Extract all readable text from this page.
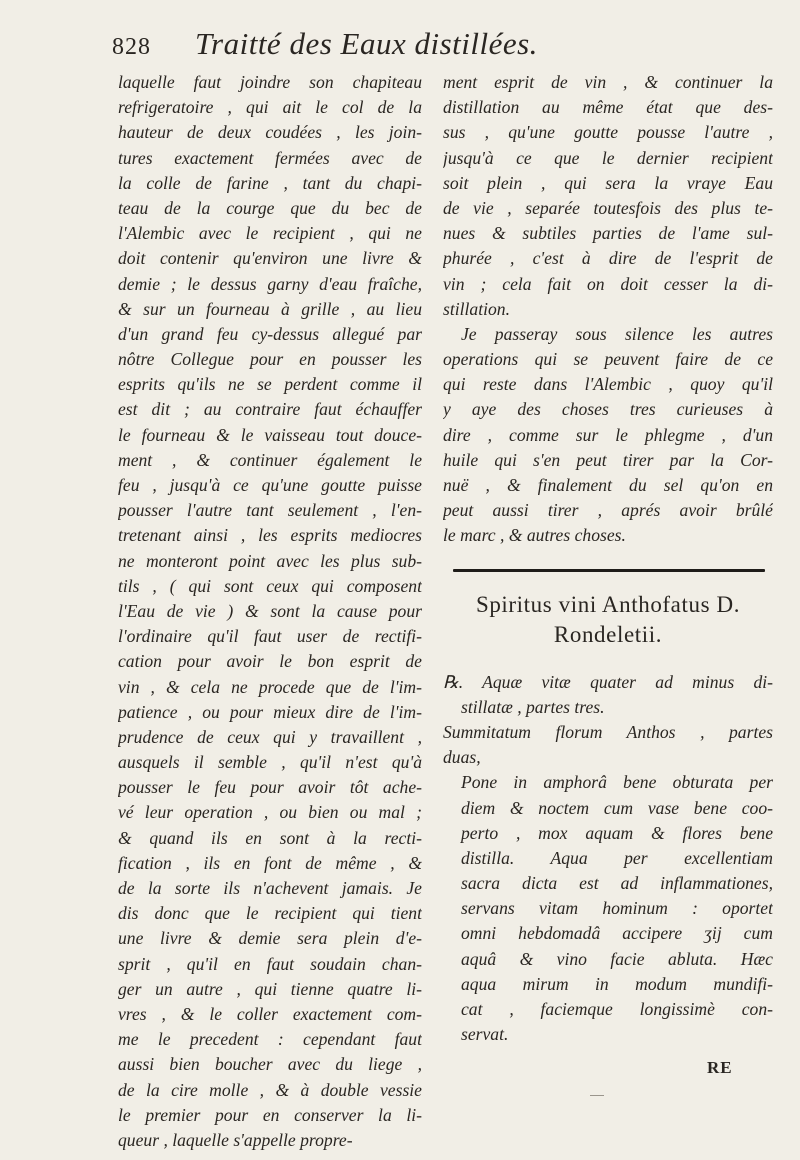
828 Traitté des Eaux distillées.
laquelle faut joindre son chapiteau
refrigeratoire , qui ait le col de la
hauteur de deux coudées , les join-
tures exactement fermées avec de
la colle de farine , tant du chapi-
teau de la courge que du bec de
l'Alembic avec le recipient , qui ne
doit contenir qu'environ une livre &
demie ; le dessus garny d'eau fraîche,
& sur un fourneau à grille , au lieu
d'un grand feu cy-dessus allegué par
nôtre Collegue pour en pousser les
esprits qu'ils ne se perdent comme il
est dit ; au contraire faut échauffer
le fourneau & le vaisseau tout douce-
ment , & continuer également le
feu , jusqu'à ce qu'une goutte puisse
pousser l'autre tant seulement , l'en-
tretenant ainsi , les esprits mediocres
ne monteront point avec les plus sub-
tils , ( qui sont ceux qui composent
l'Eau de vie ) & sont la cause pour
l'ordinaire qu'il faut user de rectifi-
cation pour avoir le bon esprit de
vin , & cela ne procede que de l'im-
patience , ou pour mieux dire de l'im-
prudence de ceux qui y travaillent ,
ausquels il semble , qu'il n'est qu'à
pousser le feu pour avoir tôt ache-
vé leur operation , ou bien ou mal ;
& quand ils en sont à la recti-
fication , ils en font de même , &
de la sorte ils n'achevent jamais. Je
dis donc que le recipient qui tient
une livre & demie sera plein d'e-
sprit , qu'il en faut soudain chan-
ger un autre , qui tienne quatre li-
vres , & le coller exactement com-
me le precedent : cependant faut
aussi bien boucher avec du liege ,
de la cire molle , & à double vessie
le premier pour en conserver la li-
queur , laquelle s'appelle propre-
ment esprit de vin , & continuer la
distillation au même état que des-
sus , qu'une goutte pousse l'autre ,
jusqu'à ce que le dernier recipient
soit plein , qui sera la vraye Eau
de vie , separée toutesfois des plus te-
nues & subtiles parties de l'ame sul-
phurée , c'est à dire de l'esprit de
vin ; cela fait on doit cesser la di-
stillation.
Je passeray sous silence les autres
operations qui se peuvent faire de ce
qui reste dans l'Alembic , quoy qu'il
y aye des choses tres curieuses à
dire , comme sur le phlegme , d'un
huile qui s'en peut tirer par la Cor-
nuë , & finalement du sel qu'on en
peut aussi tirer , aprés avoir brûlé
le marc , & autres choses.
Spiritus vini Anthofatus D.
Rondeletii.
℞. Aquæ vitæ quater ad minus di-
stillatæ , partes tres.
Summitatum florum Anthos , partes
duas,
Pone in amphorâ bene obturata per
diem & noctem cum vase bene coo-
perto , mox aquam & flores bene
distilla. Aqua per excellentiam
sacra dicta est ad inflammationes,
servans vitam hominum : oportet
omni hebdomadâ accipere ʒij cum
aquâ & vino facie abluta. Hæc
aqua mirum in modum mundifi-
cat , faciemque longissimè con-
servat.
RE
